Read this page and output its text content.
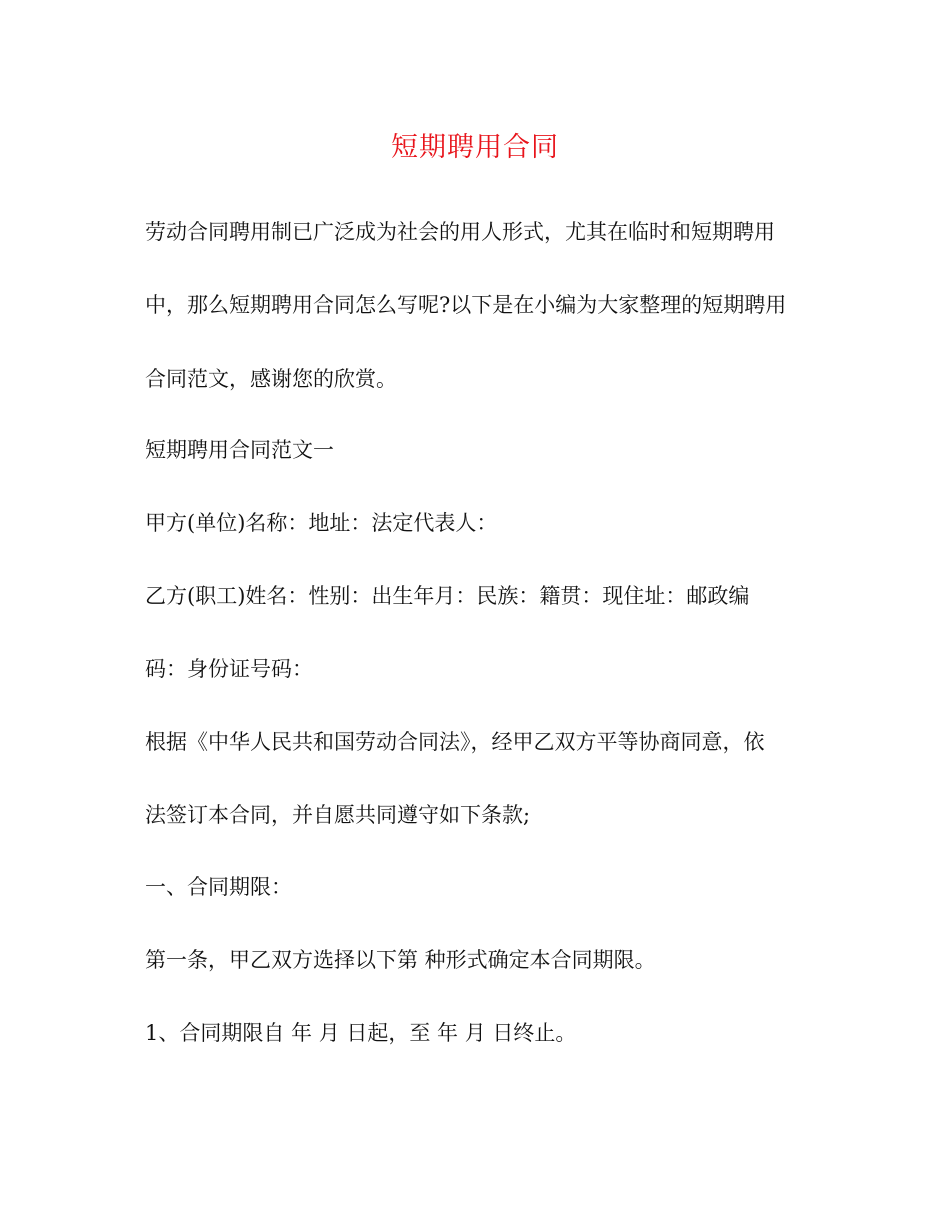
短期聘用合同
劳动合同聘用制已广泛成为社会的用人形式，尤其在临时和短期聘用
中，那么短期聘用合同怎么写呢?以下是在小编为大家整理的短期聘用
合同范文，感谢您的欣赏。
短期聘用合同范文一
甲方(单位)名称：地址：法定代表人：
乙方(职工)姓名：性别：出生年月：民族：籍贯：现住址：邮政编
码：身份证号码：
根据《中华人民共和国劳动合同法》，经甲乙双方平等协商同意，依
法签订本合同，并自愿共同遵守如下条款;
一、合同期限：
第一条，甲乙双方选择以下第 种形式确定本合同期限。
1、合同期限自 年 月 日起，至 年 月 日终止。
